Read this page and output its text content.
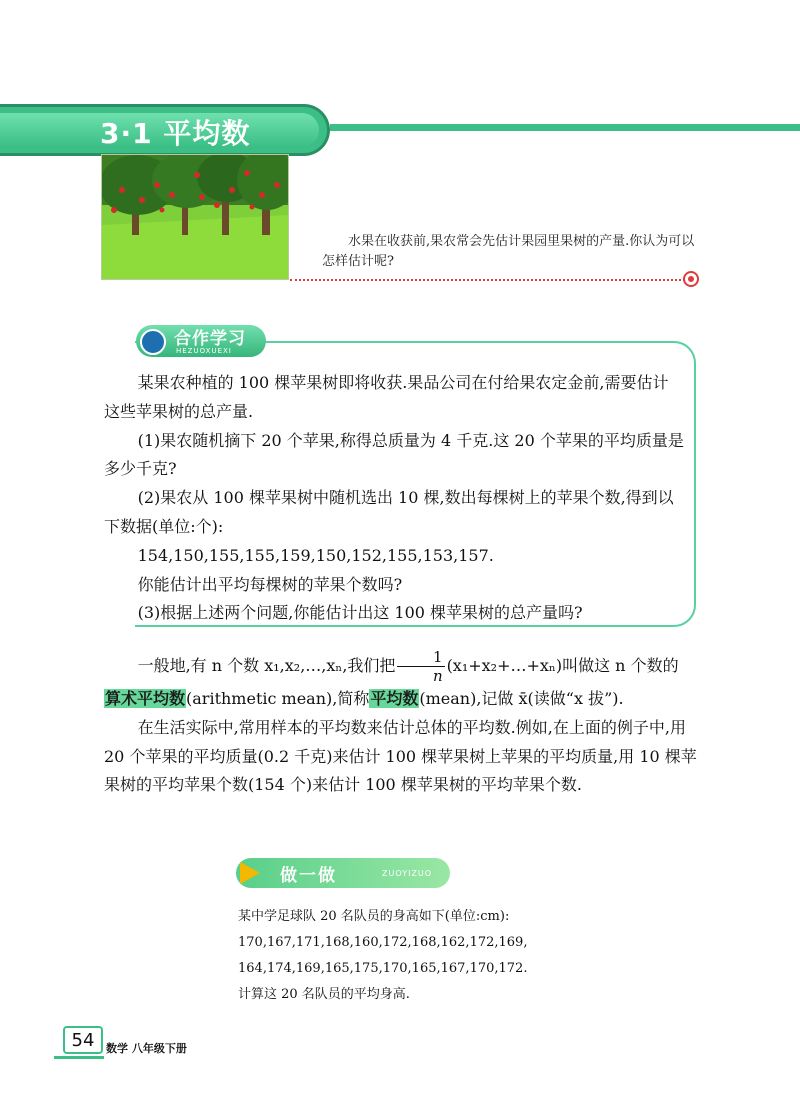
3·1 平均数
水果在收获前,果农常会先估计果园里果树的产量.你认为可以怎样估计呢?
合作学习
HEZUOXUEXI

某果农种植的 100 棵苹果树即将收获.果品公司在付给果农定金前,需要估计这些苹果树的总产量.

(1)果农随机摘下 20 个苹果,称得总质量为 4 千克.这 20 个苹果的平均质量是多少千克?

(2)果农从 100 棵苹果树中随机选出 10 棵,数出每棵树上的苹果个数,得到以下数据(单位:个):

154,150,155,155,159,150,152,155,153,157.

你能估计出平均每棵树的苹果个数吗?

(3)根据上述两个问题,你能估计出这 100 棵苹果树的总产量吗?

一般地,有 n 个数 x₁,x₂,…,xₙ,我们把 $\frac{1}{n}$ (x₁+x₂+…+xₙ)叫做这 n 个数的

算术平均数(arithmetic mean),简称平均数(mean),记做 x̄(读做“x 拔”).

在生活实际中,常用样本的平均数来估计总体的平均数.例如,在上面的例子中,用 20 个苹果的平均质量(0.2 千克)来估计 100 棵苹果树上苹果的平均质量,用 10 棵苹果树的平均苹果个数(154 个)来估计 100 棵苹果树的平均苹果个数.

做一做	ZUOYIZUO

某中学足球队 20 名队员的身高如下(单位:cm):

170,167,171,168,160,172,168,162,172,169,

164,174,169,165,175,170,165,167,170,172.

计算这 20 名队员的平均身高.

54	数学 八年级下册
